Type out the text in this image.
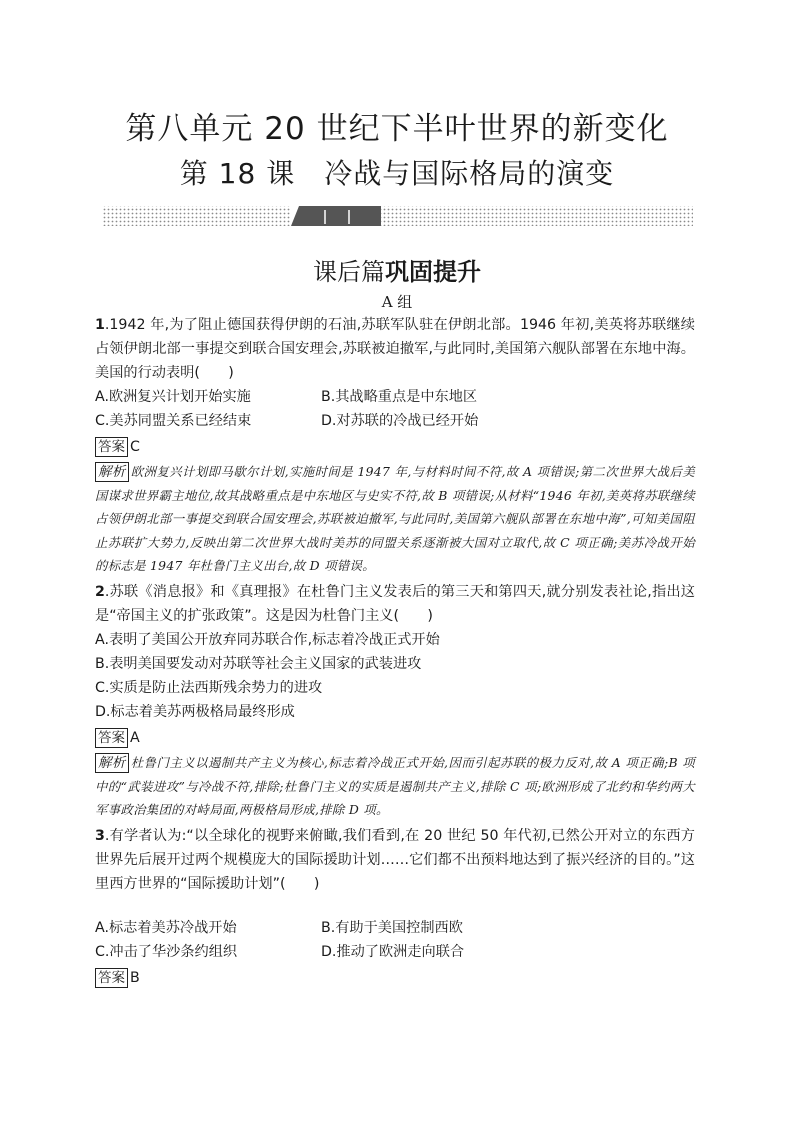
第八单元 20 世纪下半叶世界的新变化
第 18 课　冷战与国际格局的演变
课后篇巩固提升
A 组

1.1942 年,为了阻止德国获得伊朗的石油,苏联军队驻在伊朗北部。1946 年初,美英将苏联继续占领伊朗北部一事提交到联合国安理会,苏联被迫撤军,与此同时,美国第六舰队部署在东地中海。美国的行动表明(　　)

A.欧洲复兴计划开始实施	B.其战略重点是中东地区
C.美苏同盟关系已经结束	D.对苏联的冷战已经开始
答案 C

解析 欧洲复兴计划即马歇尔计划,实施时间是 1947 年,与材料时间不符,故 A 项错误;第二次世界大战后美国谋求世界霸主地位,故其战略重点是中东地区与史实不符,故 B 项错误;从材料“1946 年初,美英将苏联继续占领伊朗北部一事提交到联合国安理会,苏联被迫撤军,与此同时,美国第六舰队部署在东地中海”,可知美国阻止苏联扩大势力,反映出第二次世界大战时美苏的同盟关系逐渐被大国对立取代,故 C 项正确;美苏冷战开始的标志是 1947 年杜鲁门主义出台,故 D 项错误。

2.苏联《消息报》和《真理报》在杜鲁门主义发表后的第三天和第四天,就分别发表社论,指出这是“帝国主义的扩张政策”。这是因为杜鲁门主义(　　)

A.表明了美国公开放弃同苏联合作,标志着冷战正式开始
B.表明美国要发动对苏联等社会主义国家的武装进攻
C.实质是防止法西斯残余势力的进攻
D.标志着美苏两极格局最终形成
答案 A

解析 杜鲁门主义以遏制共产主义为核心,标志着冷战正式开始,因而引起苏联的极力反对,故 A 项正确;B 项中的“武装进攻”与冷战不符,排除;杜鲁门主义的实质是遏制共产主义,排除 C 项;欧洲形成了北约和华约两大军事政治集团的对峙局面,两极格局形成,排除 D 项。

3.有学者认为:“以全球化的视野来俯瞰,我们看到,在 20 世纪 50 年代初,已然公开对立的东西方世界先后展开过两个规模庞大的国际援助计划……它们都不出预料地达到了振兴经济的目的。”这里西方世界的“国际援助计划”(　　)

A.标志着美苏冷战开始	B.有助于美国控制西欧
C.冲击了华沙条约组织	D.推动了欧洲走向联合
答案 B
